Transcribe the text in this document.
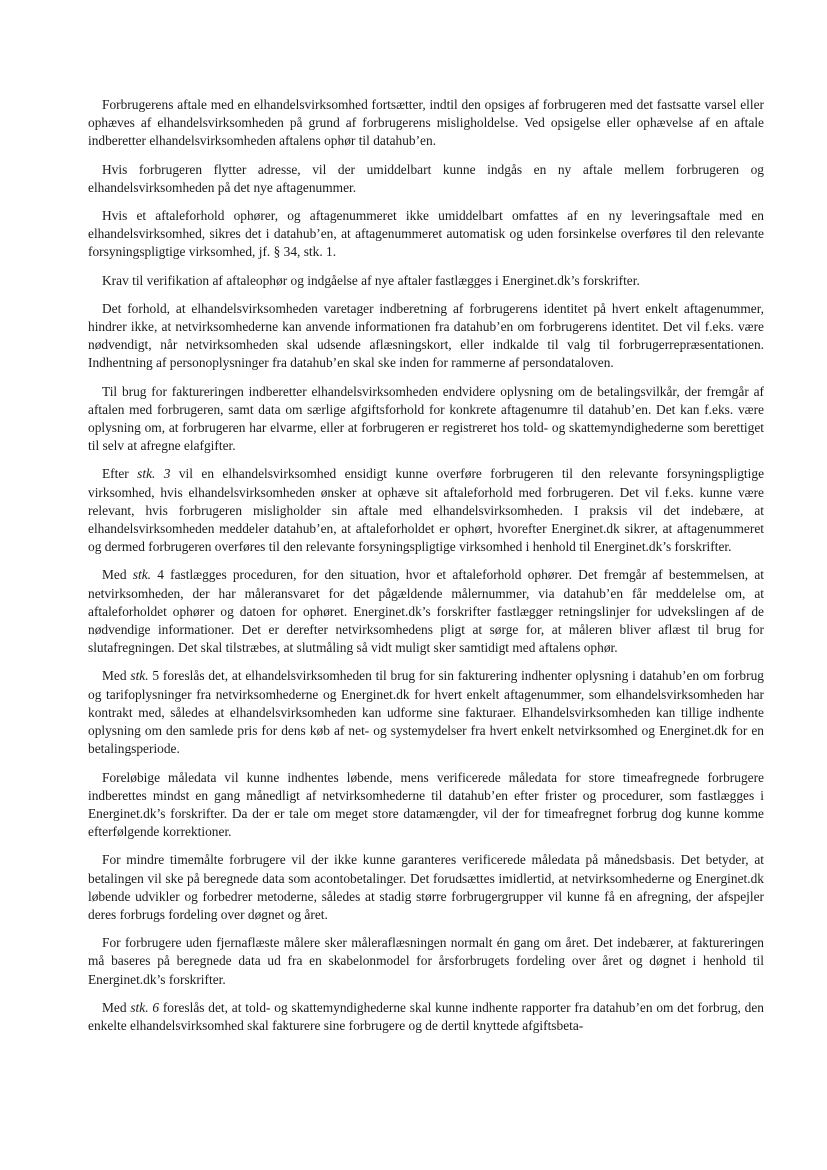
Forbrugerens aftale med en elhandelsvirksomhed fortsætter, indtil den opsiges af forbrugeren med det fastsatte varsel eller ophæves af elhandelsvirksomheden på grund af forbrugerens misligholdelse. Ved opsigelse eller ophævelse af en aftale indberetter elhandelsvirksomheden aftalens ophør til datahub’en.

Hvis forbrugeren flytter adresse, vil der umiddelbart kunne indgås en ny aftale mellem forbrugeren og elhandelsvirksomheden på det nye aftagenummer.

Hvis et aftaleforhold ophører, og aftagenummeret ikke umiddelbart omfattes af en ny leveringsaftale med en elhandelsvirksomhed, sikres det i datahub’en, at aftagenummeret automatisk og uden forsinkelse overføres til den relevante forsyningspligtige virksomhed, jf. § 34, stk. 1.

Krav til verifikation af aftaleophør og indgåelse af nye aftaler fastlægges i Energinet.dk’s forskrifter.

Det forhold, at elhandelsvirksomheden varetager indberetning af forbrugerens identitet på hvert enkelt aftagenummer, hindrer ikke, at netvirksomhederne kan anvende informationen fra datahub’en om forbrugerens identitet. Det vil f.eks. være nødvendigt, når netvirksomheden skal udsende aflæsningskort, eller indkalde til valg til forbrugerrepræsentationen. Indhentning af personoplysninger fra datahub’en skal ske inden for rammerne af persondataloven.

Til brug for faktureringen indberetter elhandelsvirksomheden endvidere oplysning om de betalingsvilkår, der fremgår af aftalen med forbrugeren, samt data om særlige afgiftsforhold for konkrete aftagenumre til datahub’en. Det kan f.eks. være oplysning om, at forbrugeren har elvarme, eller at forbrugeren er registreret hos told- og skattemyndighederne som berettiget til selv at afregne elafgifter.

Efter stk. 3 vil en elhandelsvirksomhed ensidigt kunne overføre forbrugeren til den relevante forsyningspligtige virksomhed, hvis elhandelsvirksomheden ønsker at ophæve sit aftaleforhold med forbrugeren. Det vil f.eks. kunne være relevant, hvis forbrugeren misligholder sin aftale med elhandelsvirksomheden. I praksis vil det indebære, at elhandelsvirksomheden meddeler datahub’en, at aftaleforholdet er ophørt, hvorefter Energinet.dk sikrer, at aftagenummeret og dermed forbrugeren overføres til den relevante forsyningspligtige virksomhed i henhold til Energinet.dk’s forskrifter.

Med stk. 4 fastlægges proceduren, for den situation, hvor et aftaleforhold ophører. Det fremgår af bestemmelsen, at netvirksomheden, der har måleransvaret for det pågældende målernummer, via datahub’en får meddelelse om, at aftaleforholdet ophører og datoen for ophøret. Energinet.dk’s forskrifter fastlægger retningslinjer for udvekslingen af de nødvendige informationer. Det er derefter netvirksomhedens pligt at sørge for, at måleren bliver aflæst til brug for slutafregningen. Det skal tilstræbes, at slutmåling så vidt muligt sker samtidigt med aftalens ophør.

Med stk. 5 foreslås det, at elhandelsvirksomheden til brug for sin fakturering indhenter oplysning i datahub’en om forbrug og tarifoplysninger fra netvirksomhederne og Energinet.dk for hvert enkelt aftagenummer, som elhandelsvirksomheden har kontrakt med, således at elhandelsvirksomheden kan udforme sine fakturaer. Elhandelsvirksomheden kan tillige indhente oplysning om den samlede pris for dens køb af net- og systemydelser fra hvert enkelt netvirksomhed og Energinet.dk for en betalingsperiode.

Foreløbige måledata vil kunne indhentes løbende, mens verificerede måledata for store timeafregnede forbrugere indberettes mindst en gang månedligt af netvirksomhederne til datahub’en efter frister og procedurer, som fastlægges i Energinet.dk’s forskrifter. Da der er tale om meget store datamængder, vil der for timeafregnet forbrug dog kunne komme efterfølgende korrektioner.

For mindre timemålte forbrugere vil der ikke kunne garanteres verificerede måledata på månedsbasis. Det betyder, at betalingen vil ske på beregnede data som acontobetalinger. Det forudsættes imidlertid, at netvirksomhederne og Energinet.dk løbende udvikler og forbedrer metoderne, således at stadig større forbrugergrupper vil kunne få en afregning, der afspejler deres forbrugs fordeling over døgnet og året.

For forbrugere uden fjernaflæste målere sker måleraflæsningen normalt én gang om året. Det indebærer, at faktureringen må baseres på beregnede data ud fra en skabelonmodel for årsforbrugets fordeling over året og døgnet i henhold til Energinet.dk’s forskrifter.

Med stk. 6 foreslås det, at told- og skattemyndighederne skal kunne indhente rapporter fra datahub’en om det forbrug, den enkelte elhandelsvirksomhed skal fakturere sine forbrugere og de dertil knyttede afgiftsbeta-
